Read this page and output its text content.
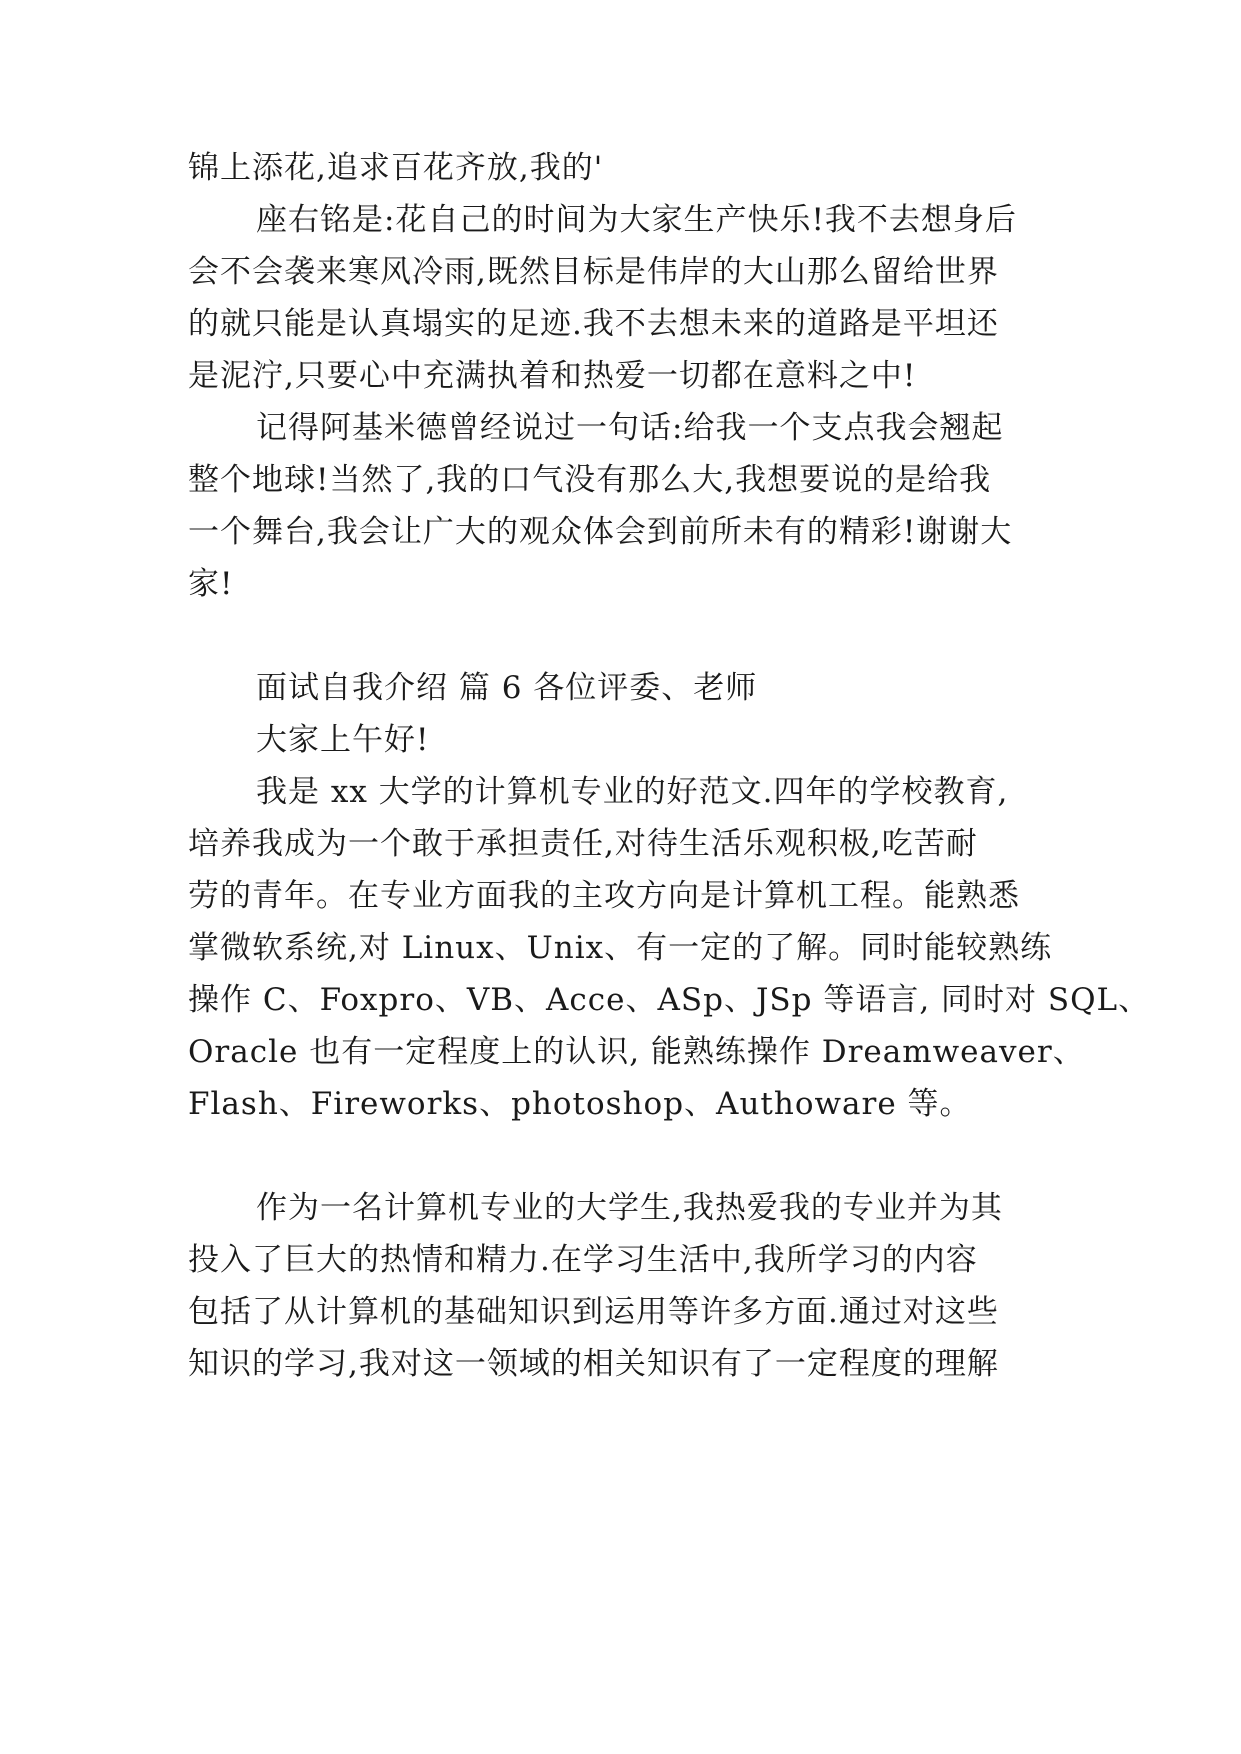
锦上添花,追求百花齐放,我的'
座右铭是:花自己的时间为大家生产快乐!我不去想身后
会不会袭来寒风冷雨,既然目标是伟岸的大山那么留给世界
的就只能是认真塌实的足迹.我不去想未来的道路是平坦还
是泥泞,只要心中充满执着和热爱一切都在意料之中!
记得阿基米德曾经说过一句话:给我一个支点我会翘起
整个地球!当然了,我的口气没有那么大,我想要说的是给我
一个舞台,我会让广大的观众体会到前所未有的精彩!谢谢大
家!
面试自我介绍 篇 6 各位评委、老师
大家上午好!
我是 xx 大学的计算机专业的好范文.四年的学校教育,
培养我成为一个敢于承担责任,对待生活乐观积极,吃苦耐
劳的青年。在专业方面我的主攻方向是计算机工程。能熟悉
掌微软系统,对 Linux、Unix、有一定的了解。同时能较熟练
操作 C、Foxpro、VB、Acce、ASp、JSp 等语言, 同时对 SQL、
Oracle 也有一定程度上的认识, 能熟练操作 Dreamweaver、
Flash、Fireworks、photoshop、Authoware 等。
作为一名计算机专业的大学生,我热爱我的专业并为其
投入了巨大的热情和精力.在学习生活中,我所学习的内容
包括了从计算机的基础知识到运用等许多方面.通过对这些
知识的学习,我对这一领域的相关知识有了一定程度的理解
